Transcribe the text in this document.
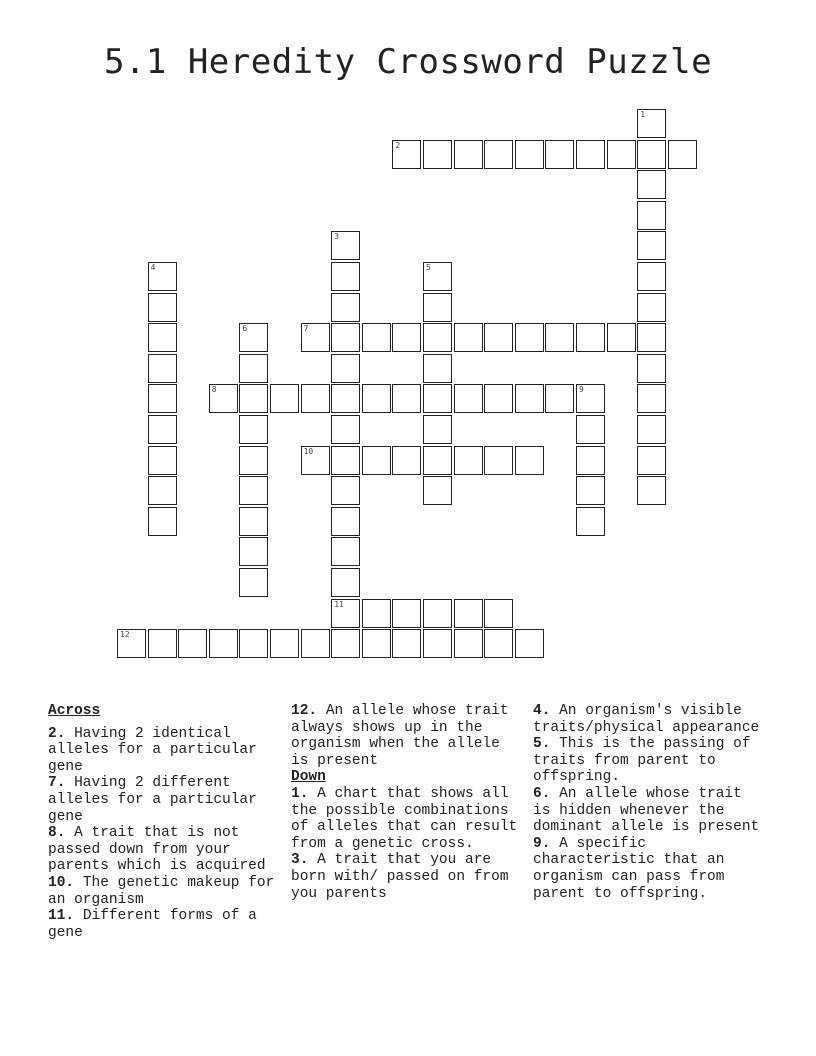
5.1 Heredity Crossword Puzzle
1
2
3
11
4	5
6	7
8	9
10
12
Across
2. Having 2 identical alleles for a particular gene
7. Having 2 different alleles for a particular gene
8. A trait that is not passed down from your parents which is acquired
10. The genetic makeup for an organism
11. Different forms of a gene
12. An allele whose trait always shows up in the organism when the allele is present
Down
1. A chart that shows all the possible combinations of alleles that can result from a genetic cross.
3. A trait that you are born with/ passed on from you parents
4. An organism's visible traits/physical appearance
5. This is the passing of traits from parent to offspring.
6. An allele whose trait is hidden whenever the dominant allele is present
9. A specific characteristic that an organism can pass from parent to offspring.
